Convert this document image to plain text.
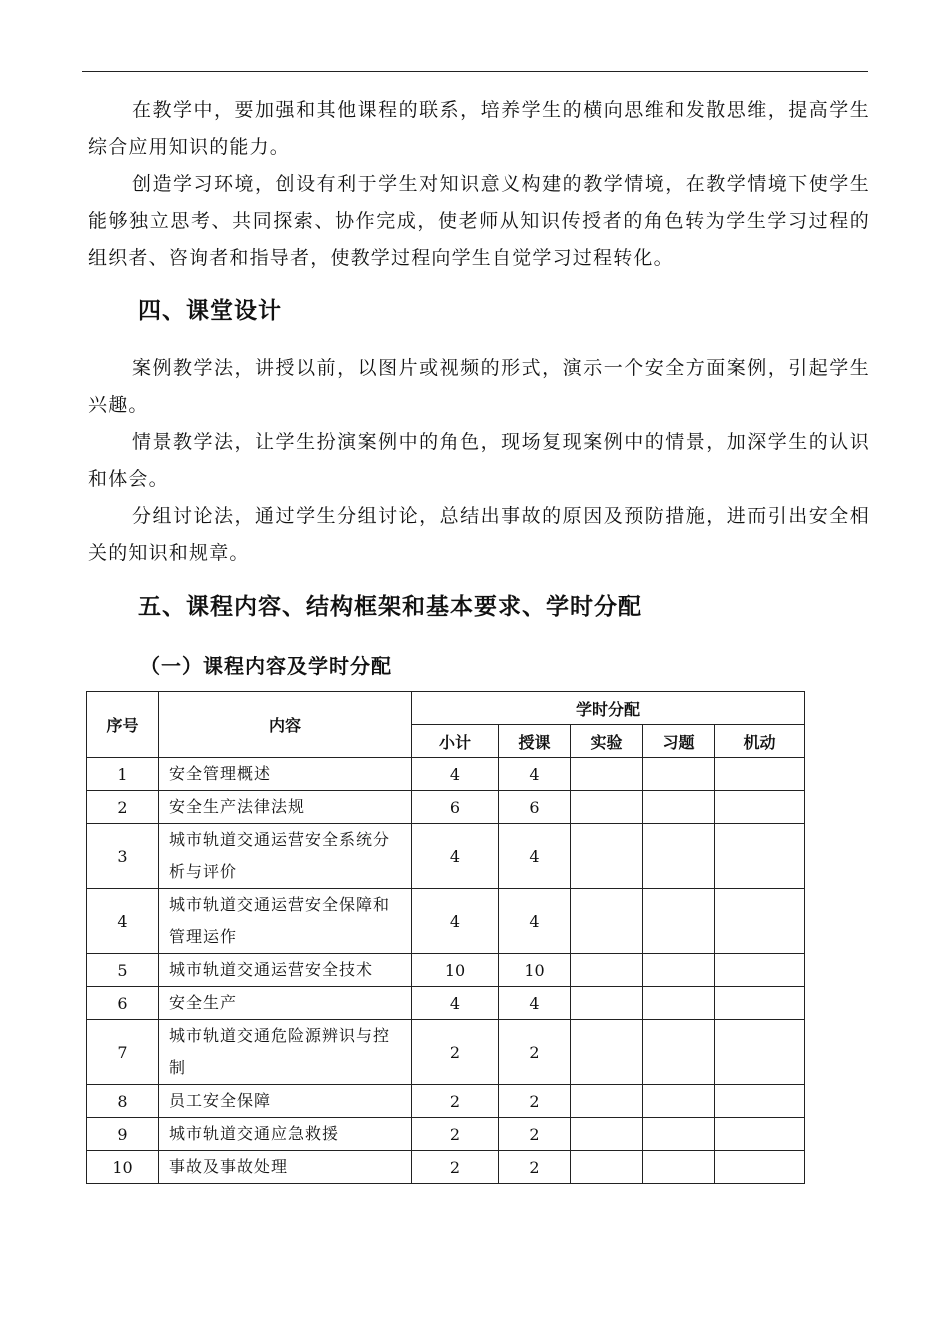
在教学中，要加强和其他课程的联系，培养学生的横向思维和发散思维，提高学生综合应用知识的能力。

创造学习环境，创设有利于学生对知识意义构建的教学情境，在教学情境下使学生能够独立思考、共同探索、协作完成，使老师从知识传授者的角色转为学生学习过程的组织者、咨询者和指导者，使教学过程向学生自觉学习过程转化。

四、课堂设计

案例教学法，讲授以前，以图片或视频的形式，演示一个安全方面案例，引起学生兴趣。

情景教学法，让学生扮演案例中的角色，现场复现案例中的情景，加深学生的认识和体会。

分组讨论法，通过学生分组讨论，总结出事故的原因及预防措施，进而引出安全相关的知识和规章。

五、课程内容、结构框架和基本要求、学时分配
（一）课程内容及学时分配
序号	内容	学时分配				
		小计	授课	实验	习题	机动
1	安全管理概述	4	4			
2	安全生产法律法规	6	6			
3	城市轨道交通运营安全系统分析与评价	4	4			
4	城市轨道交通运营安全保障和管理运作	4	4			
5	城市轨道交通运营安全技术	10	10			
6	安全生产	4	4			
7	城市轨道交通危险源辨识与控制	2	2			
8	员工安全保障	2	2			
9	城市轨道交通应急救援	2	2			
10	事故及事故处理	2	2			
